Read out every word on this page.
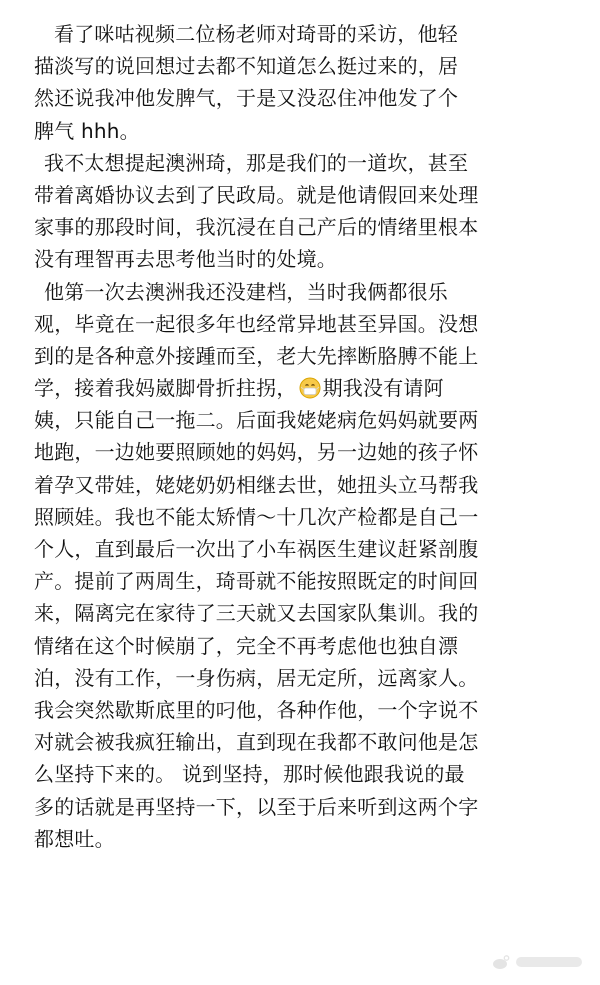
看了咪咕视频二位杨老师对琦哥的采访，他轻
描淡写的说回想过去都不知道怎么挺过来的，居
然还说我冲他发脾气，于是又没忍住冲他发了个
脾气 hhh。
我不太想提起澳洲琦，那是我们的一道坎，甚至
带着离婚协议去到了民政局。就是他请假回来处理
家事的那段时间，我沉浸在自己产后的情绪里根本
没有理智再去思考他当时的处境。
他第一次去澳洲我还没建档，当时我俩都很乐
观，毕竟在一起很多年也经常异地甚至异国。没想
到的是各种意外接踵而至，老大先摔断胳膊不能上
学，接着我妈崴脚骨折拄拐， 期我没有请阿
姨，只能自己一拖二。后面我姥姥病危妈妈就要两
地跑，一边她要照顾她的妈妈，另一边她的孩子怀
着孕又带娃，姥姥奶奶相继去世，她扭头立马帮我
照顾娃。我也不能太矫情～十几次产检都是自己一
个人，直到最后一次出了小车祸医生建议赶紧剖腹
产。提前了两周生，琦哥就不能按照既定的时间回
来，隔离完在家待了三天就又去国家队集训。我的
情绪在这个时候崩了，完全不再考虑他也独自漂
泊，没有工作，一身伤病，居无定所，远离家人。
我会突然歇斯底里的叼他，各种作他，一个字说不
对就会被我疯狂输出，直到现在我都不敢问他是怎
么坚持下来的。 说到坚持，那时候他跟我说的最
多的话就是再坚持一下，以至于后来听到这两个字
都想吐。
